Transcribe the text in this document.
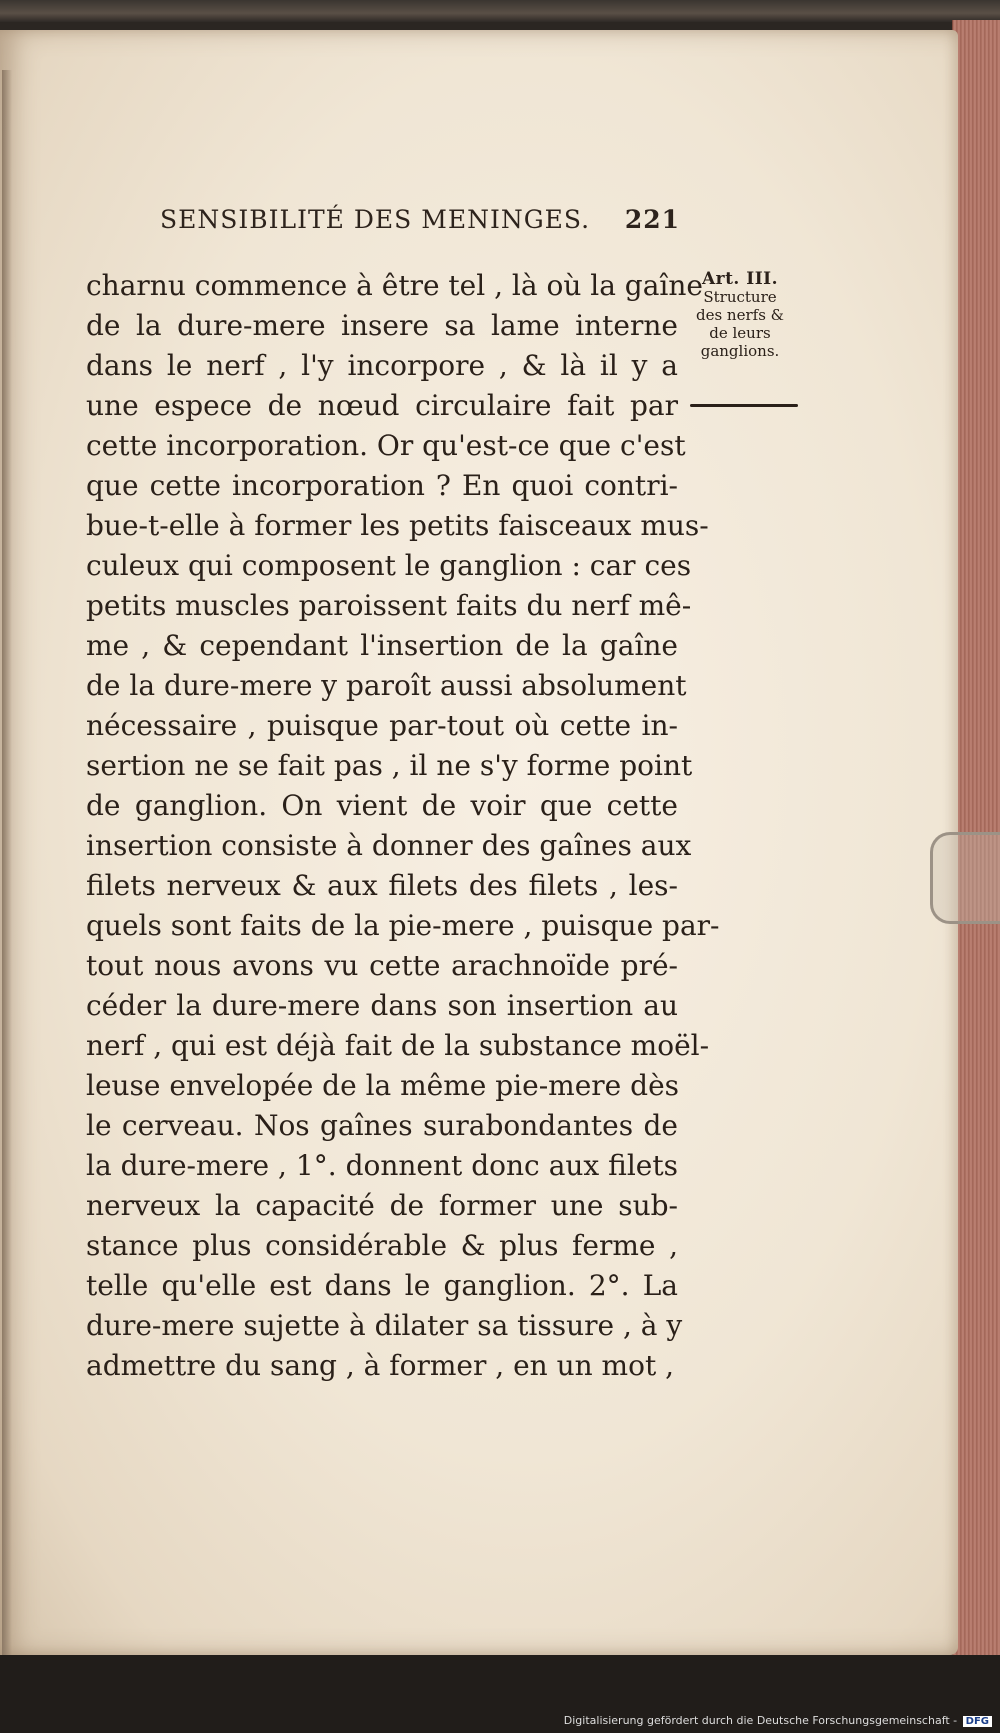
SENSIBILITÉ DES MENINGES. 221
charnu commence à être tel , là où la gaîne
de la dure-mere insere sa lame interne
dans le nerf , l'y incorpore , & là il y a
une espece de nœud circulaire fait par
cette incorporation. Or qu'est-ce que c'est
que cette incorporation ? En quoi contri-
bue-t-elle à former les petits faisceaux mus-
culeux qui composent le ganglion : car ces
petits muscles paroissent faits du nerf mê-
me , & cependant l'insertion de la gaîne
de la dure-mere y paroît aussi absolument
nécessaire , puisque par-tout où cette in-
sertion ne se fait pas , il ne s'y forme point
de ganglion. On vient de voir que cette
insertion consiste à donner des gaînes aux
filets nerveux & aux filets des filets , les-
quels sont faits de la pie-mere , puisque par-
tout nous avons vu cette arachnoïde pré-
céder la dure-mere dans son insertion au
nerf , qui est déjà fait de la substance moël-
leuse envelopée de la même pie-mere dès
le cerveau. Nos gaînes surabondantes de
la dure-mere , 1°. donnent donc aux filets
nerveux la capacité de former une sub-
stance plus considérable & plus ferme ,
telle qu'elle est dans le ganglion. 2°. La
dure-mere sujette à dilater sa tissure , à y
admettre du sang , à former , en un mot ,
Art. III.
Structure
des nerfs &
de leurs
ganglions.
Digitalisierung gefördert durch die Deutsche Forschungsgemeinschaft - DFG
